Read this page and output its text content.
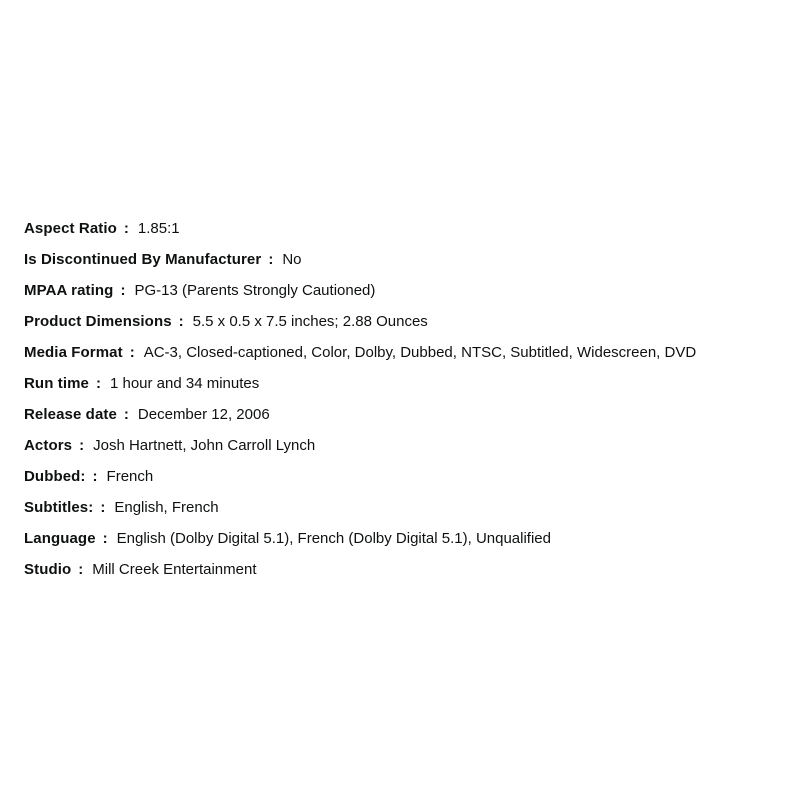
Aspect Ratio : 1.85:1
Is Discontinued By Manufacturer : No
MPAA rating : PG-13 (Parents Strongly Cautioned)
Product Dimensions : 5.5 x 0.5 x 7.5 inches; 2.88 Ounces
Media Format : AC-3, Closed-captioned, Color, Dolby, Dubbed, NTSC, Subtitled, Widescreen, DVD
Run time : 1 hour and 34 minutes
Release date : December 12, 2006
Actors : Josh Hartnett, John Carroll Lynch
Dubbed: : French
Subtitles: : English, French
Language : English (Dolby Digital 5.1), French (Dolby Digital 5.1), Unqualified
Studio : Mill Creek Entertainment
